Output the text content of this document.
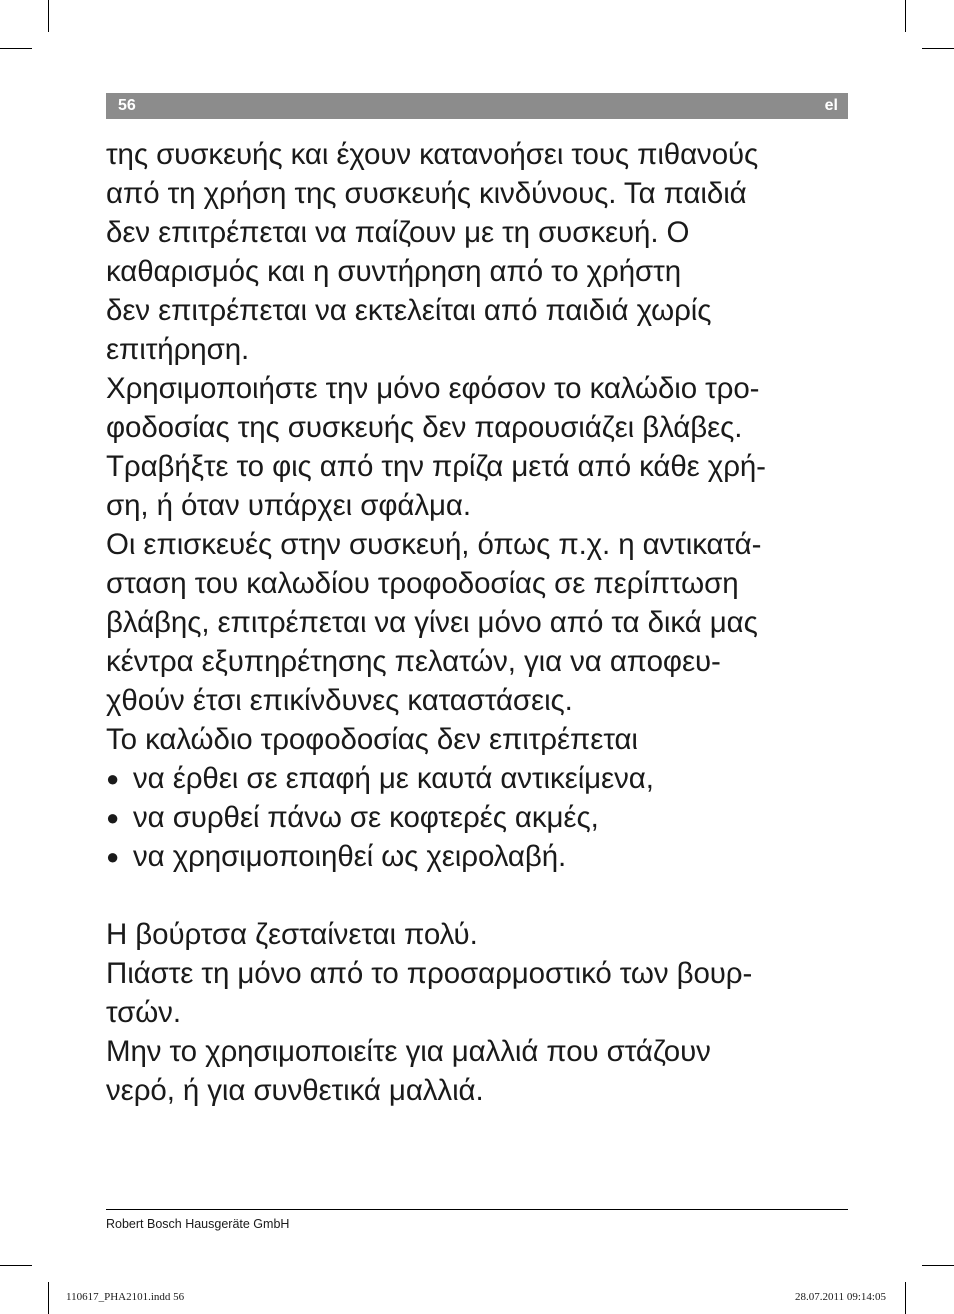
56	el
της συσκευής και έχουν κατανοήσει τους πιθανούς
από τη χρήση της συσκευής κινδύνους. Τα παιδιά
δεν επιτρέπεται να παίζουν με τη συσκευή. Ο
καθαρισμός και η συντήρηση από το χρήστη
δεν επιτρέπεται να εκτελείται από παιδιά χωρίς
επιτήρηση.
Χρησιμοποιήστε την μόνο εφόσον το καλώδιο τρο-
φοδοσίας της συσκευής δεν παρουσιάζει βλάβες.
Τραβήξτε το φις από την πρίζα μετά από κάθε χρή-
ση, ή όταν υπάρχει σφάλμα.
Οι επισκευές στην συσκευή, όπως π.χ. η αντικατά-
σταση του καλωδίου τροφοδοσίας σε περίπτωση
βλάβης, επιτρέπεται να γίνει μόνο από τα δικά μας
κέντρα εξυπηρέτησης πελατών, για να αποφευ-
χθούν έτσι επικίνδυνες καταστάσεις.
Το καλώδιο τροφοδοσίας δεν επιτρέπεται
● να έρθει σε επαφή με καυτά αντικείμενα,
● να συρθεί πάνω σε κοφτερές ακμές,
● να χρησιμοποιηθεί ως χειρολαβή.
Η βούρτσα ζεσταίνεται πολύ.
Πιάστε τη μόνο από το προσαρμοστικό των βουρ-
τσών.
Μην το χρησιμοποιείτε για μαλλιά που στάζουν
νερό, ή για συνθετικά μαλλιά.
Robert Bosch Hausgeräte GmbH
110617_PHA2101.indd 56	28.07.2011 09:14:05
